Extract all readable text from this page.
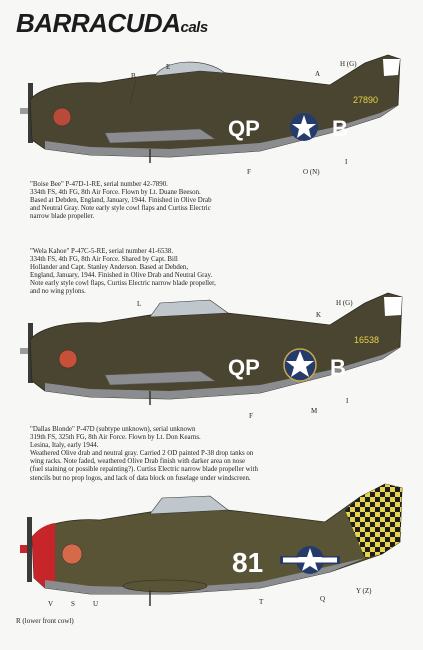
BARRACUDAcals
QP	B
27890
E
B	A
H (G)
F	O (N)
I

"Boise Bee" P-47D-1-RE, serial number 42-7890.

334th FS, 4th FG, 8th Air Force. Flown by Lt. Duane Beeson.

Based at Debden, England, January, 1944. Finished in Olive Drab

and Neutral Gray. Note early style cowl flaps and Curtiss Electric

narrow blade propeller.

QP	B
16538
L
K
H (G)
F
M
I

"Wela Kahoe" P-47C-5-RE, serial number 41-6538.

334th FS, 4th FG, 8th Air Force. Shared by Capt. Bill

Hollander and Capt. Stanley Anderson. Based at Debden,

England, January, 1944. Finished in Olive Drab and Neutral Gray.

Note early style cowl flaps, Curtiss Electric narrow blade propeller,

and no wing pylons.

"Dallas Blonde" P-47D (subtype unknown), serial unknown

319th FS, 325th FG, 8th Air Force. Flown by Lt. Don Kearns.

Lesina, Italy, early 1944.

Weathered Olive drab and neutral gray. Carried 2 OD painted P-38 drop tanks on

wing racks. Note faded, weathered Olive Drab finish with darker area on nose

(fuel staining or possible repainting?). Curtiss Electric narrow blade propeller with

stencils but no prop logos, and lack of data block on fuselage under windscreen.

81
V	S	U	T	Q
Y (Z)
R (lower front cowl)
